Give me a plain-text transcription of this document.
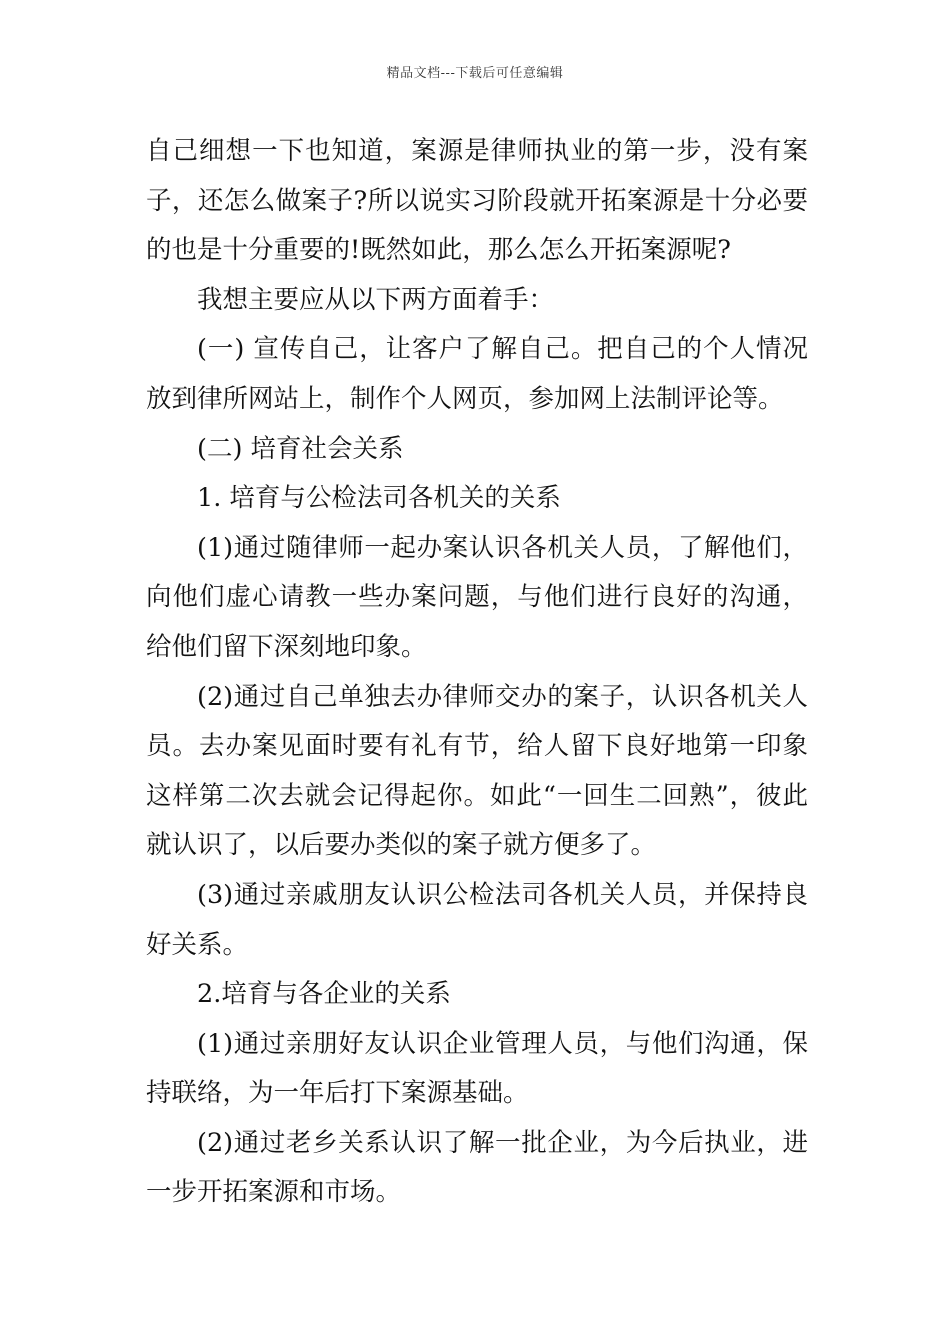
精品文档---下载后可任意编辑

自己细想一下也知道，案源是律师执业的第一步，没有案子，还怎么做案子?所以说实习阶段就开拓案源是十分必要的也是十分重要的!既然如此，那么怎么开拓案源呢?

我想主要应从以下两方面着手：

(一) 宣传自己，让客户了解自己。把自己的个人情况放到律所网站上，制作个人网页，参加网上法制评论等。

(二) 培育社会关系

1. 培育与公检法司各机关的关系

(1)通过随律师一起办案认识各机关人员，了解他们，向他们虚心请教一些办案问题，与他们进行良好的沟通，给他们留下深刻地印象。

(2)通过自己单独去办律师交办的案子，认识各机关人员。去办案见面时要有礼有节，给人留下良好地第一印象这样第二次去就会记得起你。如此“一回生二回熟”，彼此就认识了，以后要办类似的案子就方便多了。

(3)通过亲戚朋友认识公检法司各机关人员，并保持良好关系。

2.培育与各企业的关系

(1)通过亲朋好友认识企业管理人员，与他们沟通，保持联络，为一年后打下案源基础。

(2)通过老乡关系认识了解一批企业，为今后执业，进一步开拓案源和市场。
